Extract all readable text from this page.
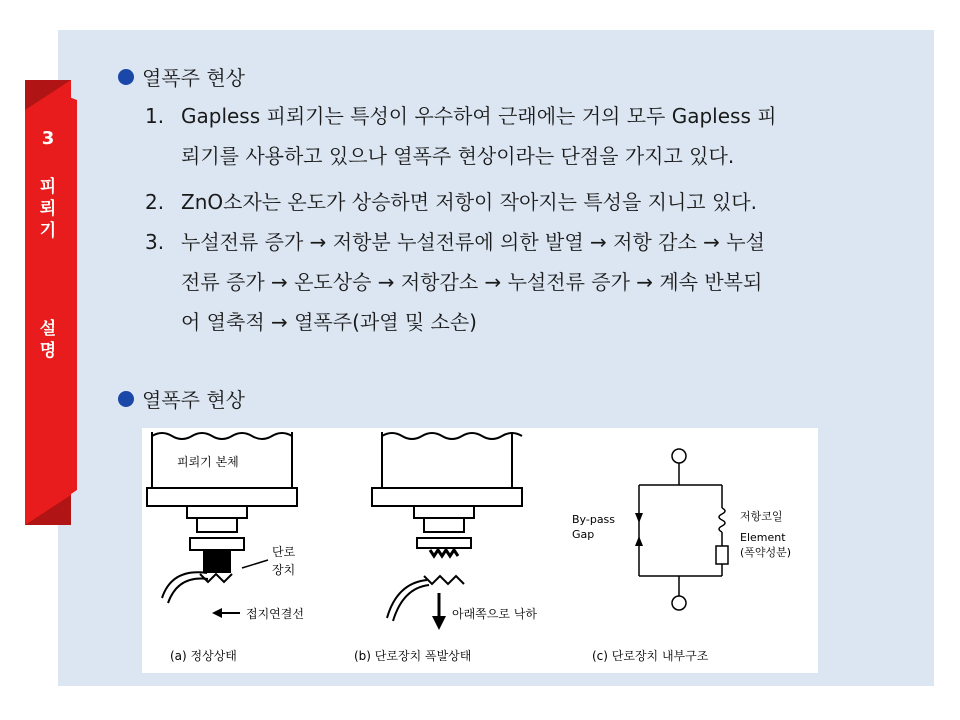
3
피
뢰
기
설
명
열폭주 현상
1. Gapless 피뢰기는 특성이 우수하여 근래에는 거의 모두 Gapless 피
뢰기를 사용하고 있으나 열폭주 현상이라는 단점을 가지고 있다.
2. ZnO소자는 온도가 상승하면 저항이 작아지는 특성을 지니고 있다.
3. 누설전류 증가 → 저항분 누설전류에 의한 발열 → 저항 감소 → 누설
전류 증가 → 온도상승 → 저항감소 → 누설전류 증가 → 계속 반복되
어 열축적 → 열폭주(과열 및 소손)
열폭주 현상
피뢰기 본체
단로
장치
접지연결선
(a) 정상상태
아래쪽으로 낙하
(b) 단로장치 폭발상태
By-pass
Gap
저항코일
Element
(폭약성분)
(c) 단로장치 내부구조
